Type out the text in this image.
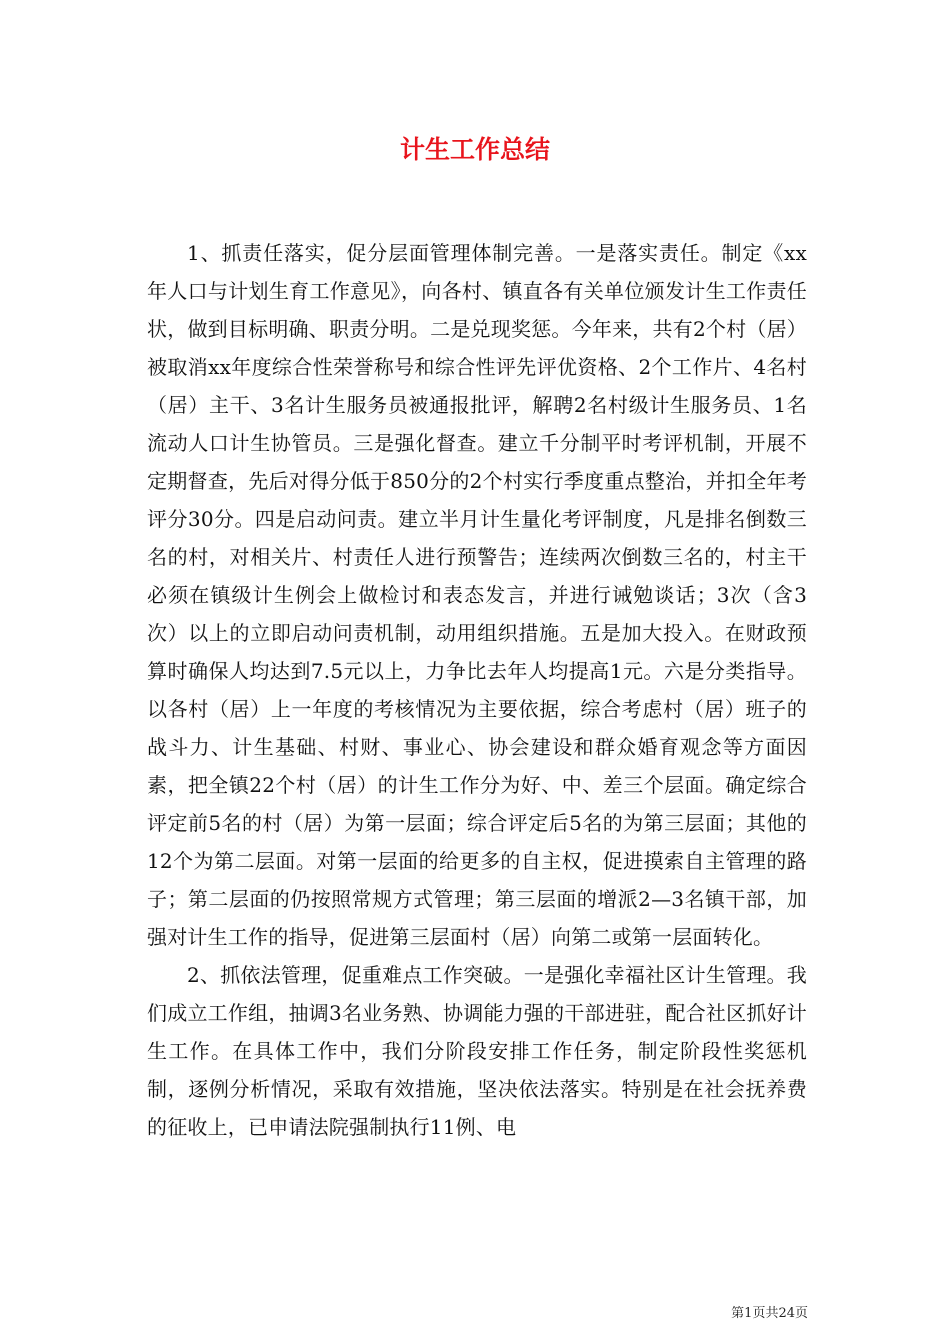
计生工作总结

1、抓责任落实，促分层面管理体制完善。一是落实责任。制定《xx年人口与计划生育工作意见》，向各村、镇直各有关单位颁发计生工作责任状，做到目标明确、职责分明。二是兑现奖惩。今年来，共有2个村（居）被取消xx年度综合性荣誉称号和综合性评先评优资格、2个工作片、4名村（居）主干、3名计生服务员被通报批评，解聘2名村级计生服务员、1名流动人口计生协管员。三是强化督查。建立千分制平时考评机制，开展不定期督查，先后对得分低于850分的2个村实行季度重点整治，并扣全年考评分30分。四是启动问责。建立半月计生量化考评制度，凡是排名倒数三名的村，对相关片、村责任人进行预警告；连续两次倒数三名的，村主干必须在镇级计生例会上做检讨和表态发言，并进行诫勉谈话；3次（含3次）以上的立即启动问责机制，动用组织措施。五是加大投入。在财政预算时确保人均达到7.5元以上，力争比去年人均提高1元。六是分类指导。以各村（居）上一年度的考核情况为主要依据，综合考虑村（居）班子的战斗力、计生基础、村财、事业心、协会建设和群众婚育观念等方面因素，把全镇22个村（居）的计生工作分为好、中、差三个层面。确定综合评定前5名的村（居）为第一层面；综合评定后5名的为第三层面；其他的12个为第二层面。对第一层面的给更多的自主权，促进摸索自主管理的路子；第二层面的仍按照常规方式管理；第三层面的增派2—3名镇干部，加强对计生工作的指导，促进第三层面村（居）向第二或第一层面转化。

2、抓依法管理，促重难点工作突破。一是强化幸福社区计生管理。我们成立工作组，抽调3名业务熟、协调能力强的干部进驻，配合社区抓好计生工作。在具体工作中，我们分阶段安排工作任务，制定阶段性奖惩机制，逐例分析情况，采取有效措施，坚决依法落实。特别是在社会抚养费的征收上，已申请法院强制执行11例、电

第1页共24页
